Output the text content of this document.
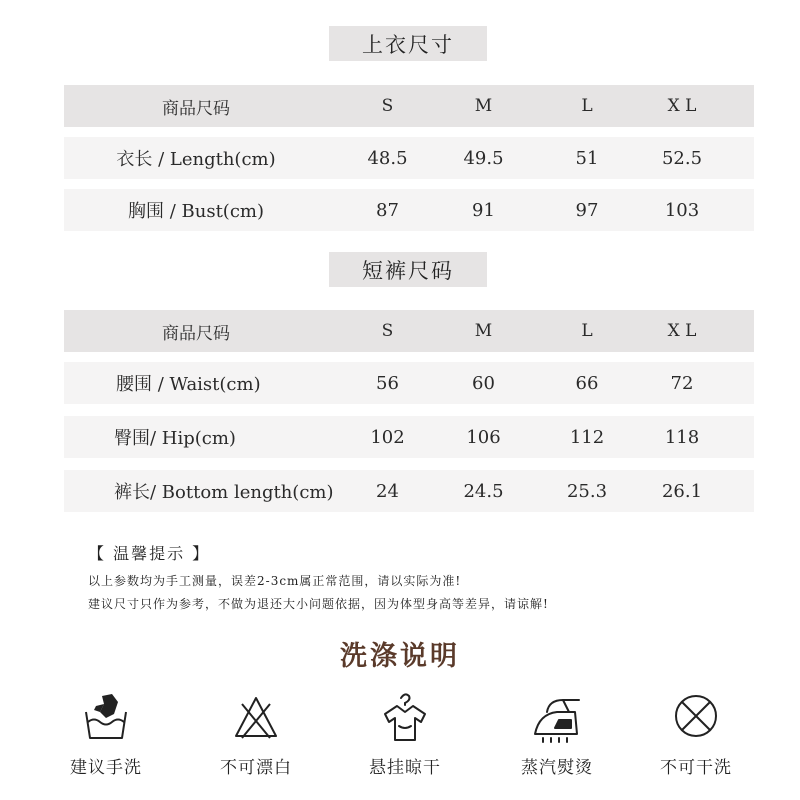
上衣尺寸
商品尺码	S	M	L	X L
衣长 / Length(cm)	48.5	49.5	51	52.5
胸围 / Bust(cm)	87	91	97	103
短裤尺码
商品尺码	S	M	L	X L
腰围 / Waist(cm)	56	60	66	72
臀围/ Hip(cm)	102	106	112	118
裤长/ Bottom length(cm)	24	24.5	25.3	26.1
【 温馨提示 】
以上参数均为手工测量，误差2-3cm属正常范围，请以实际为准!
建议尺寸只作为参考，不做为退还大小问题依据，因为体型身高等差异，请谅解!
洗涤说明
建议手洗	不可漂白	悬挂晾干	蒸汽熨烫	不可干洗
